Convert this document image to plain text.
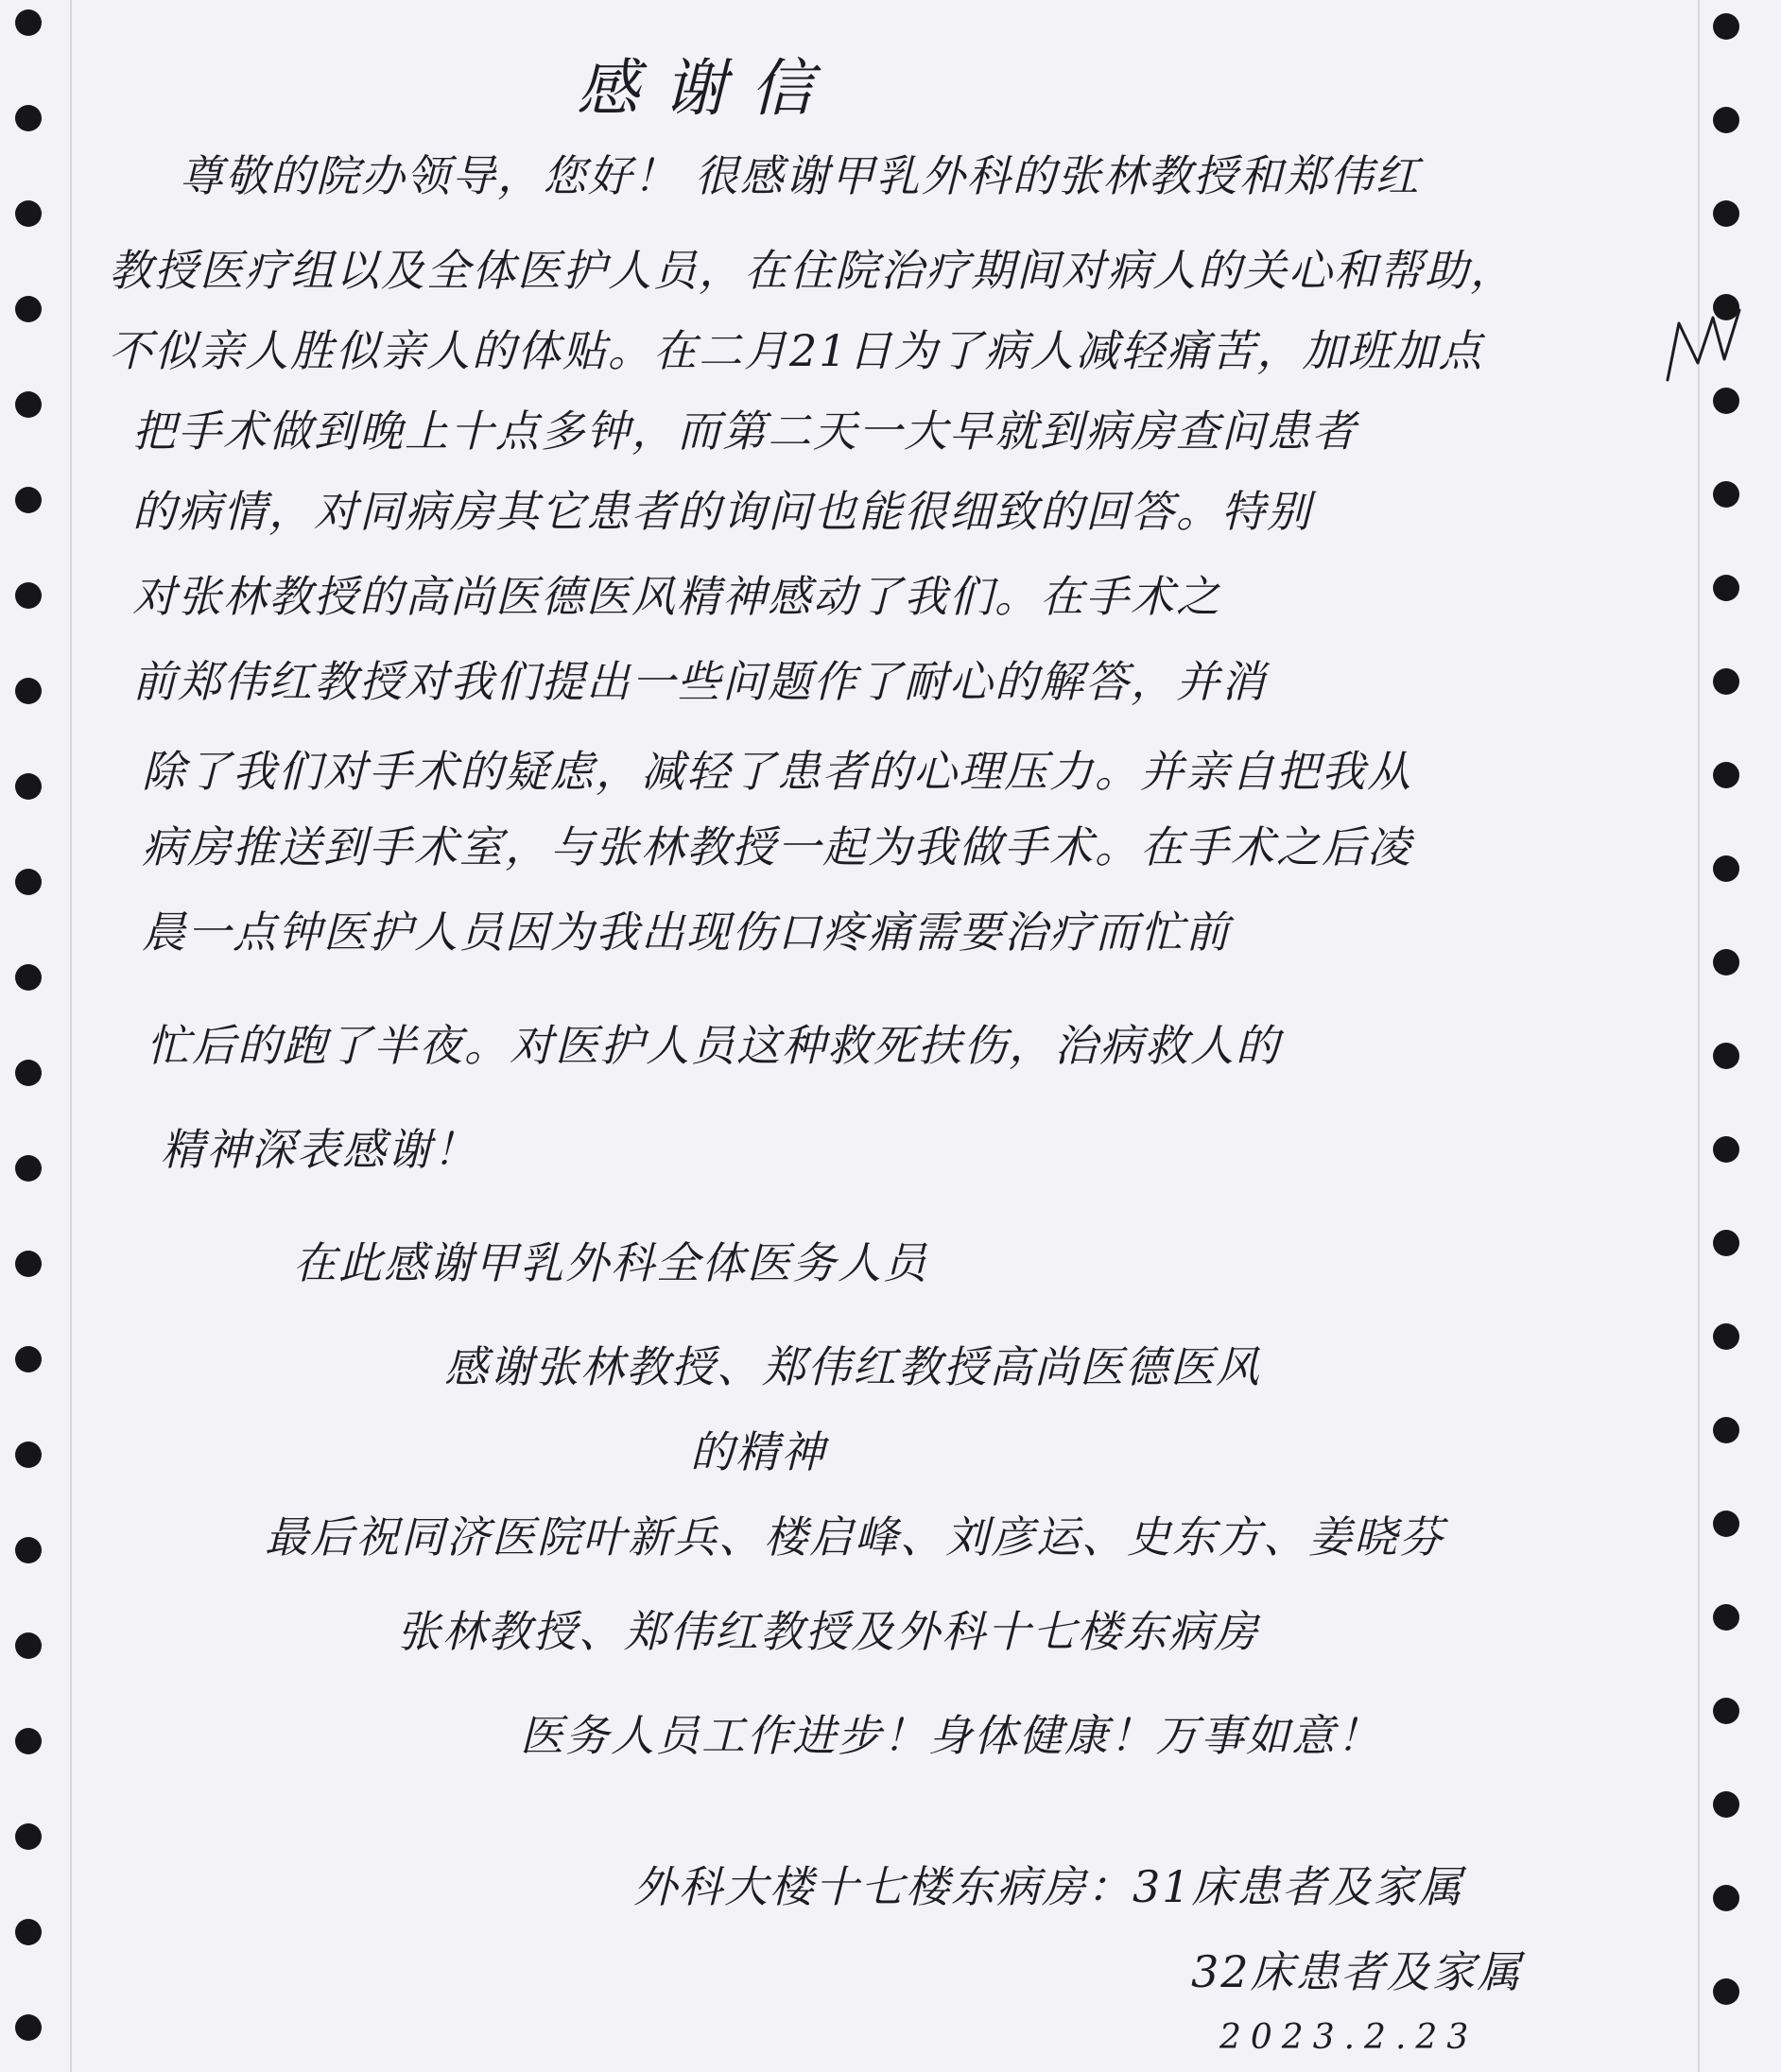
感谢信
尊敬的院办领导，您好！ 很感谢甲乳外科的张林教授和郑伟红
教授医疗组以及全体医护人员，在住院治疗期间对病人的关心和帮助，
不似亲人胜似亲人的体贴。在二月21日为了病人减轻痛苦，加班加点
把手术做到晚上十点多钟，而第二天一大早就到病房查问患者
的病情，对同病房其它患者的询问也能很细致的回答。特别
对张林教授的高尚医德医风精神感动了我们。在手术之
前郑伟红教授对我们提出一些问题作了耐心的解答，并消
除了我们对手术的疑虑，减轻了患者的心理压力。并亲自把我从
病房推送到手术室，与张林教授一起为我做手术。在手术之后凌
晨一点钟医护人员因为我出现伤口疼痛需要治疗而忙前
忙后的跑了半夜。对医护人员这种救死扶伤，治病救人的
精神深表感谢！
在此感谢甲乳外科全体医务人员
感谢张林教授、郑伟红教授高尚医德医风
的精神
最后祝同济医院叶新兵、楼启峰、刘彦运、史东方、姜晓芬
张林教授、郑伟红教授及外科十七楼东病房
医务人员工作进步！身体健康！万事如意！
外科大楼十七楼东病房：31床患者及家属
32床患者及家属
2023.2.23
